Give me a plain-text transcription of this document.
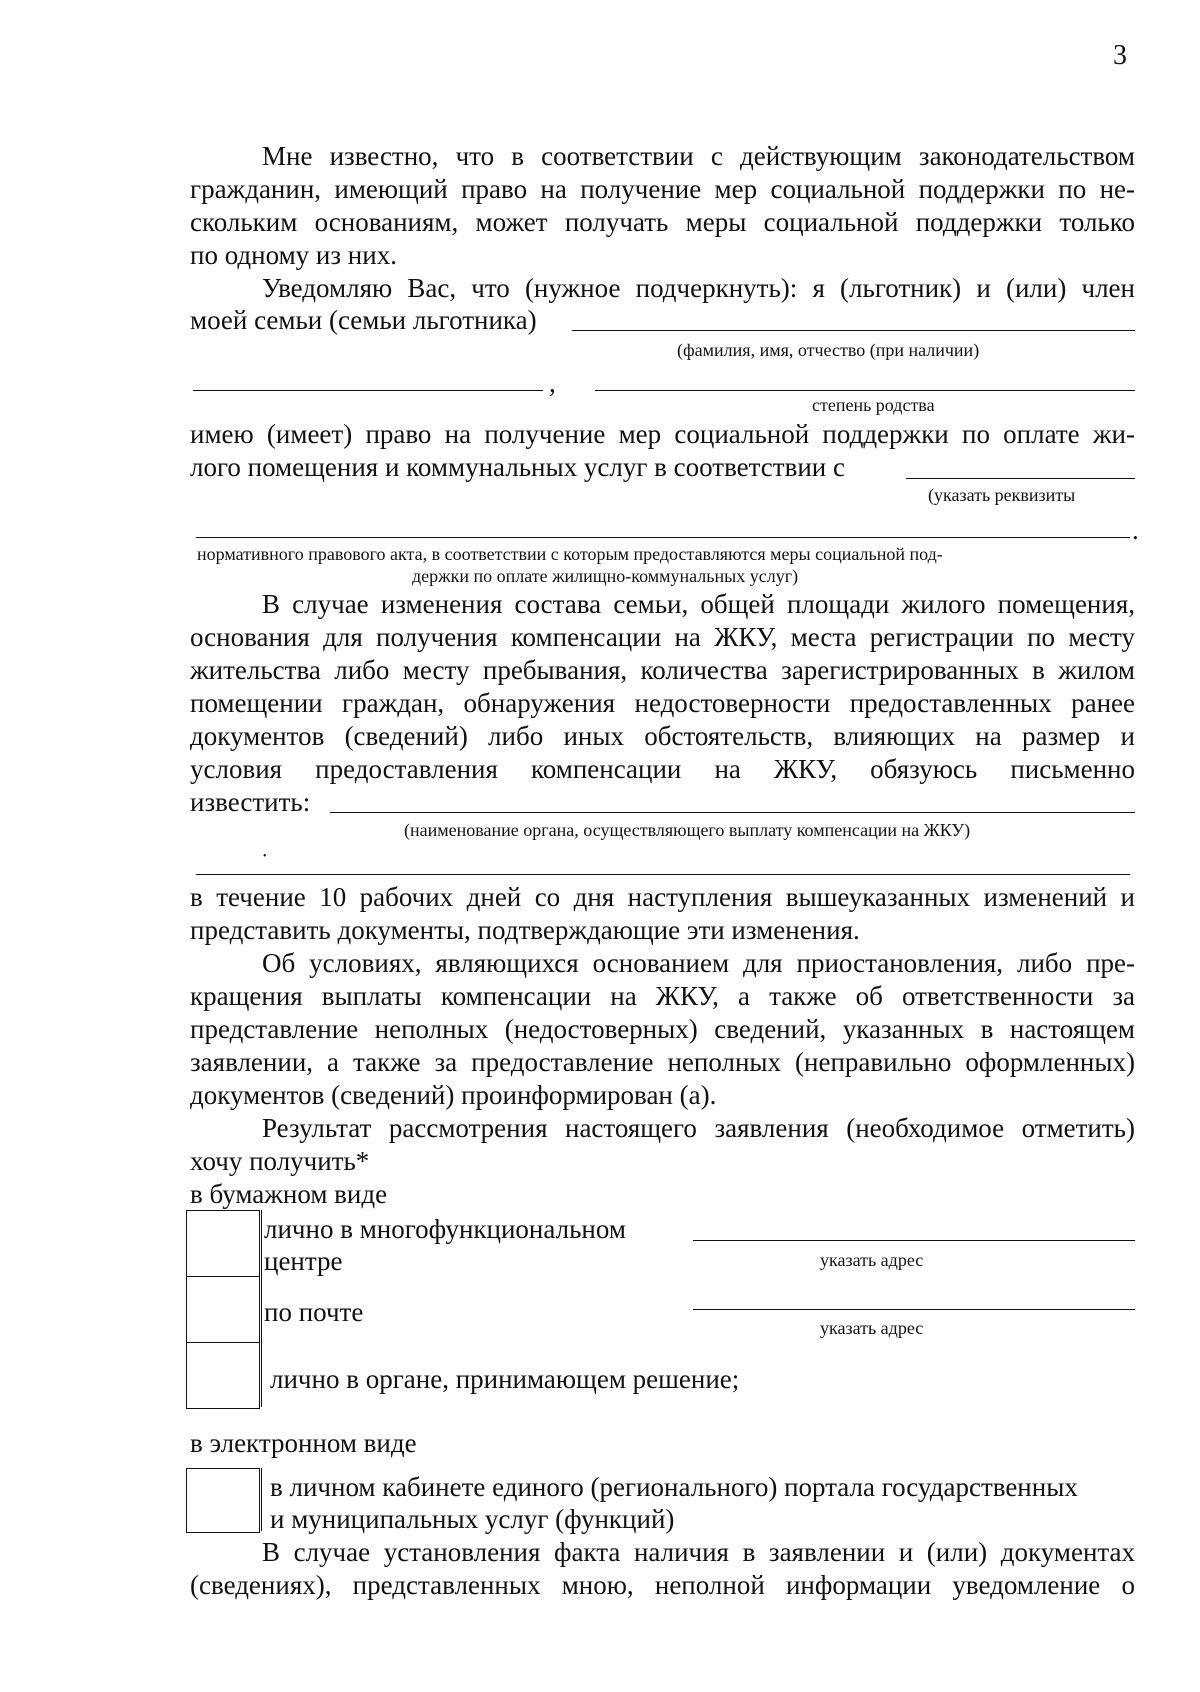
3
Мне известно, что в соответствии с действующим законодательством
гражданин, имеющий право на получение мер социальной поддержки по не-
скольким основаниям, может получать меры социальной поддержки только
по одному из них.
Уведомляю Вас, что (нужное подчеркнуть): я (льготник) и (или) член
моей семьи (семьи льготника)
(фамилия, имя, отчество (при наличии)
,
степень родства
имею (имеет) право на получение мер социальной поддержки по оплате жи-
лого помещения и коммунальных услуг в соответствии с
(указать реквизиты
.
нормативного правового акта, в соответствии с которым предоставляются меры социальной под-
держки по оплате жилищно-коммунальных услуг)
В случае изменения состава семьи, общей площади жилого помещения,
основания для получения компенсации на ЖКУ, места регистрации по месту
жительства либо месту пребывания, количества зарегистрированных в жилом
помещении граждан, обнаружения недостоверности предоставленных ранее
документов (сведений) либо иных обстоятельств, влияющих на размер и
условия предоставления компенсации на ЖКУ, обязуюсь письменно
известить:
(наименование органа, осуществляющего выплату компенсации на ЖКУ)
•
в течение 10 рабочих дней со дня наступления вышеуказанных изменений и
представить документы, подтверждающие эти изменения.
Об условиях, являющихся основанием для приостановления, либо пре-
кращения выплаты компенсации на ЖКУ, а также об ответственности за
представление неполных (недостоверных) сведений, указанных в настоящем
заявлении, а также за предоставление неполных (неправильно оформленных)
документов (сведений) проинформирован (а).
Результат рассмотрения настоящего заявления (необходимое отметить)
хочу получить*
в бумажном виде
лично в многофункциональном
центре	указать адрес
по почте
указать адрес
лично в органе, принимающем решение;
в электронном виде
в личном кабинете единого (регионального) портала государственных
и муниципальных услуг (функций)
В случае установления факта наличия в заявлении и (или) документах
(сведениях), представленных мною, неполной информации уведомление о
